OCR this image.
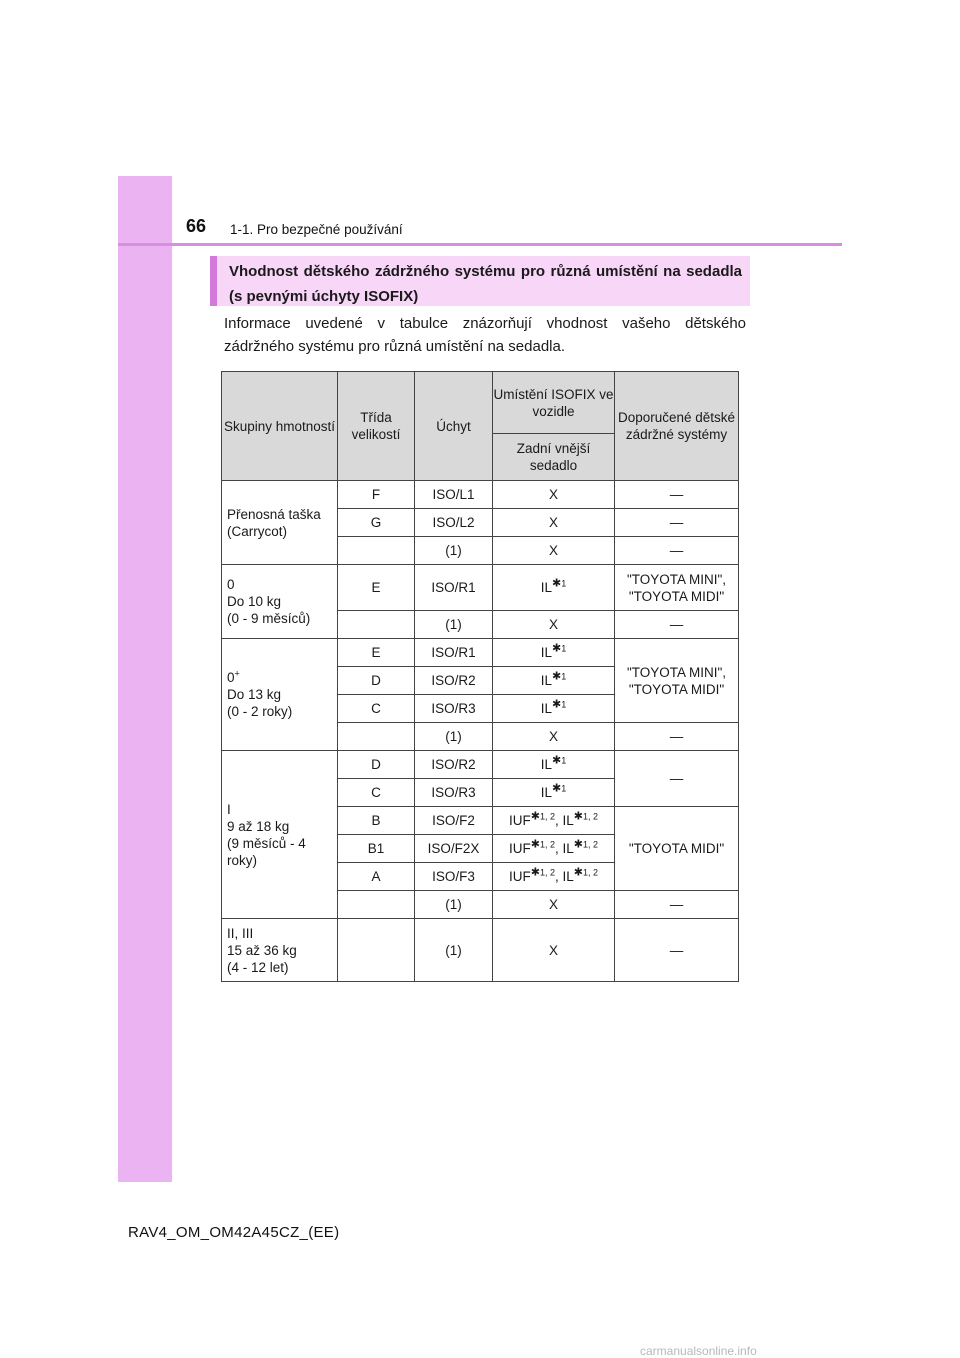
66 1-1. Pro bezpečné používání
Vhodnost dětského zádržného systému pro různá umístění na sedadla (s pevnými úchyty ISOFIX)
Informace uvedené v tabulce znázorňují vhodnost vašeho dětského zádržného systému pro různá umístění na sedadla.
Skupiny hmotností	Třída velikostí	Úchyt	Umístění ISOFIX ve vozidle	Doporučené dětské zádržné systémy
			Zadní vnější sedadlo	
Přenosná taška (Carrycot)	F	ISO/L1	X	—
	G	ISO/L2	X	—
		(1)	X	—

0
Do 10 kg
(0 - 9 měsíců)	E	ISO/R1	$IL^{✱1}$	"TOYOTA MINI", "TOYOTA MIDI"
		(1)	X	—

0+
Do 13 kg
(0 - 2 roky)	E	ISO/R1	$IL^{✱1}$	"TOYOTA MINI", "TOYOTA MIDI"
	D	ISO/R2	$IL^{✱1}$
	C	ISO/R3	$IL^{✱1}$
		(1)	X	—

I
9 až 18 kg
(9 měsíců - 4 roky)	D	ISO/R2	$IL^{✱1}$	—
	C	ISO/R3	$IL^{✱1}$
	B	ISO/F2	$IUF^{✱1, 2}$, $IL^{✱1, 2}$	"TOYOTA MIDI"
	B1	ISO/F2X	$IUF^{✱1, 2}$, $IL^{✱1, 2}$
	A	ISO/F3	$IUF^{✱1, 2}$, $IL^{✱1, 2}$
		(1)	X	—

II, III
15 až 36 kg
(4 - 12 let)		(1)	X	—
RAV4_OM_OM42A45CZ_(EE)
carmanualsonline.info
